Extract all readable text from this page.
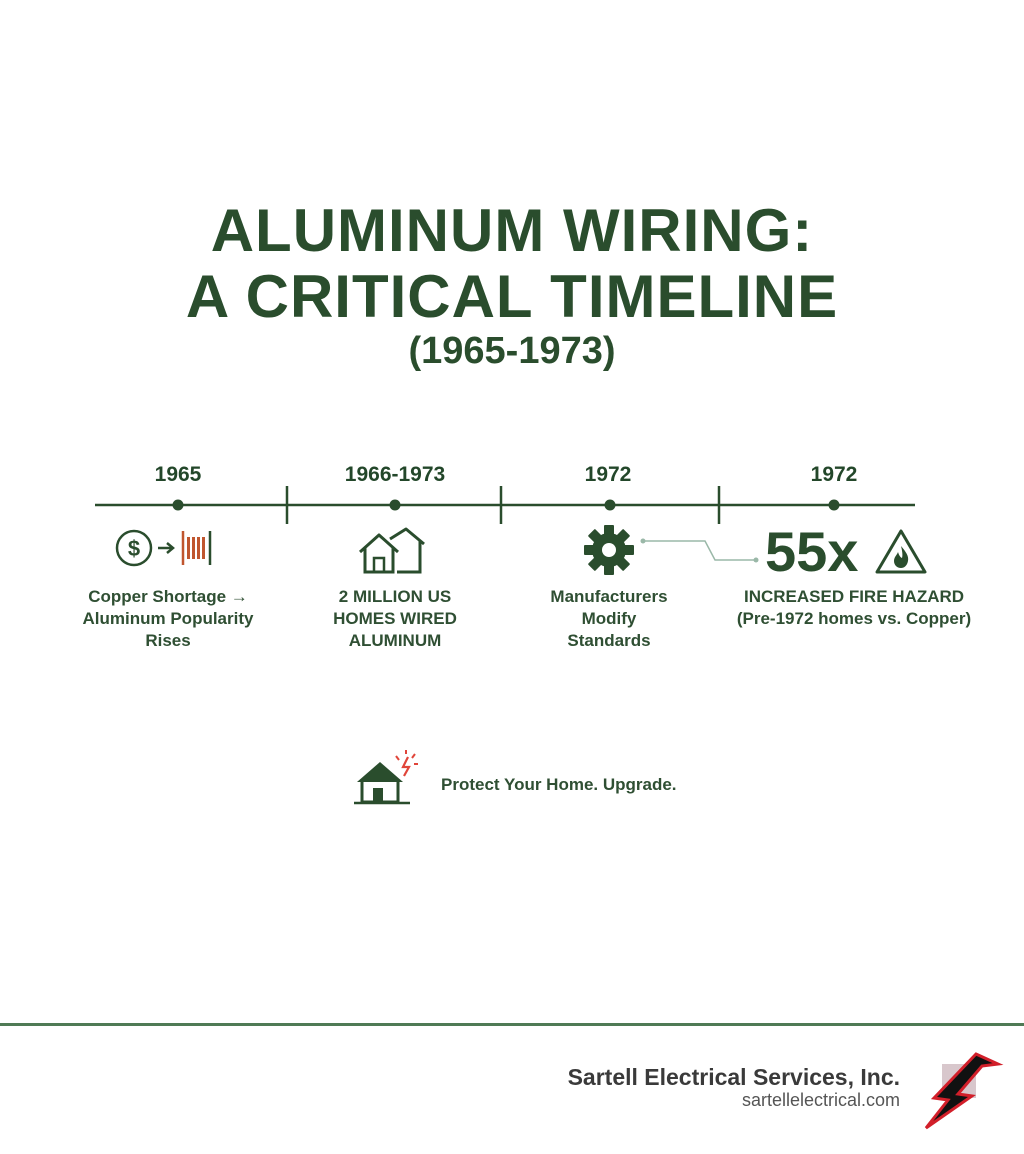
ALUMINUM WIRING:
A CRITICAL TIMELINE
(1965-1973)
1965	1966-1973	1972	1972
$	55x
Copper Shortage →
Aluminum Popularity
Rises
2 MILLION US
HOMES WIRED
ALUMINUM
Manufacturers
Modify
Standards
INCREASED FIRE HAZARD
(Pre-1972 homes vs. Copper)
Protect Your Home. Upgrade.
Sartell Electrical Services, Inc.
sartellelectrical.com
